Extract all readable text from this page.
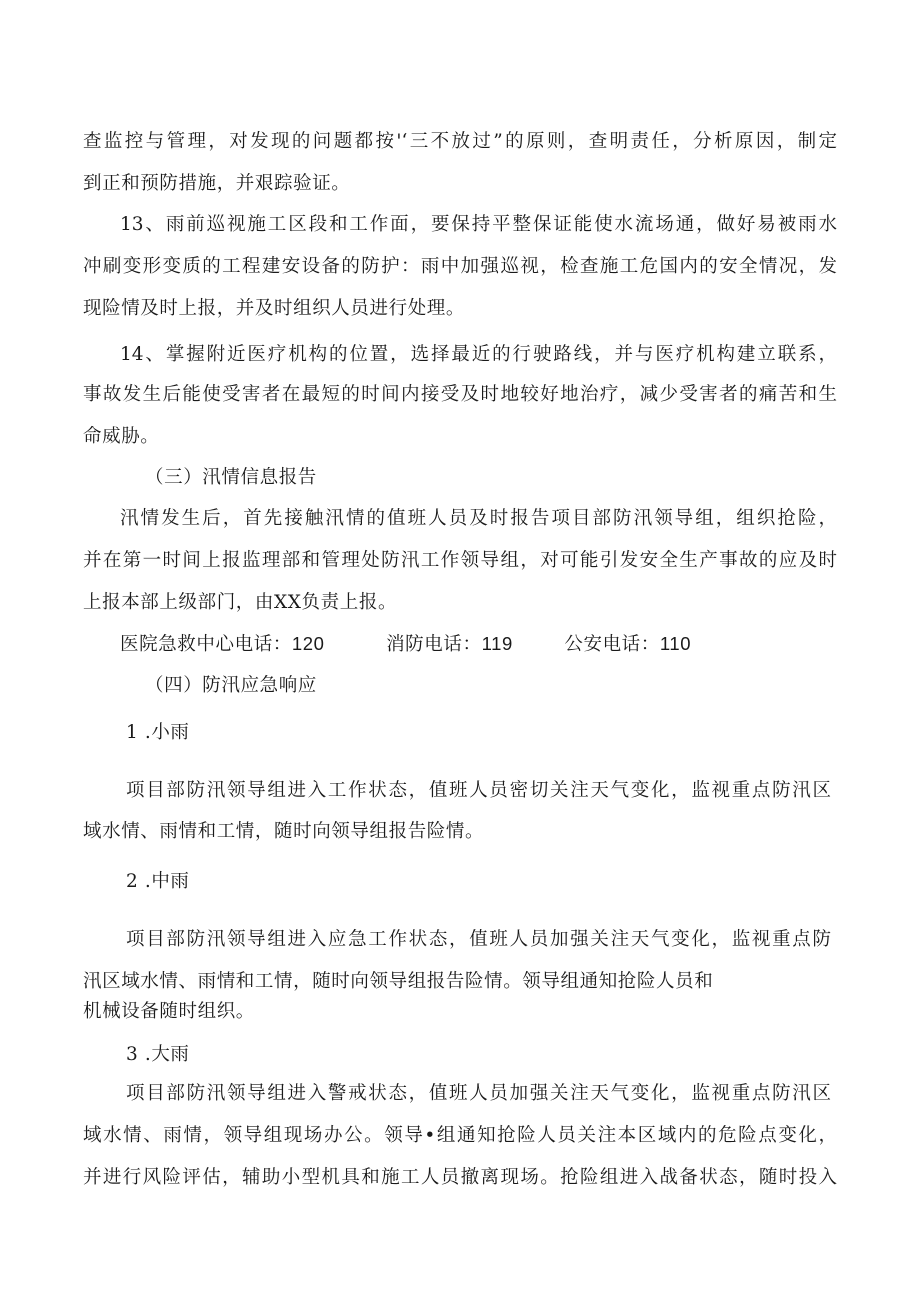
查监控与管理，对发现的问题都按'‘三不放过”的原则，查明责任，分析原因，制定
到正和预防措施，并艰踪验证。
13、雨前巡视施工区段和工作面，要保持平整保证能使水流场通，做好易被雨水
冲刷变形变质的工程建安设备的防护：雨中加强巡视，检查施工危国内的安全情况，发
现险情及时上报，并及时组织人员进行处理。
14、掌握附近医疗机构的位置，选择最近的行驶路线，并与医疗机构建立联系，
事故发生后能使受害者在最短的时间内接受及时地较好地治疗，减少受害者的痛苦和生
命威胁。
（三）汛情信息报告
汛情发生后，首先接触汛情的值班人员及时报告项目部防汛领导组，组织抢险，
并在第一时间上报监理部和管理处防汛工作领导组，对可能引发安全生产事故的应及时
上报本部上级部门，由XX负责上报。
医院急救中心电话：120	消防电话：119	公安电话：110
（四）防汛应急响应
1 .小雨
项目部防汛领导组进入工作状态，值班人员密切关注天气变化，监视重点防汛区
域水情、雨情和工情，随时向领导组报告险情。
2 .中雨
项目部防汛领导组进入应急工作状态，值班人员加强关注天气变化，监视重点防
汛区域水情、雨情和工情，随时向领导组报告险情。领导组通知抢险人员和
机械设备随时组织。
3 .大雨
项目部防汛领导组进入警戒状态，值班人员加强关注天气变化，监视重点防汛区
域水情、雨情，领导组现场办公。领导•组通知抢险人员关注本区域内的危险点变化，
并进行风险评估，辅助小型机具和施工人员撤离现场。抢险组进入战备状态，随时投入
